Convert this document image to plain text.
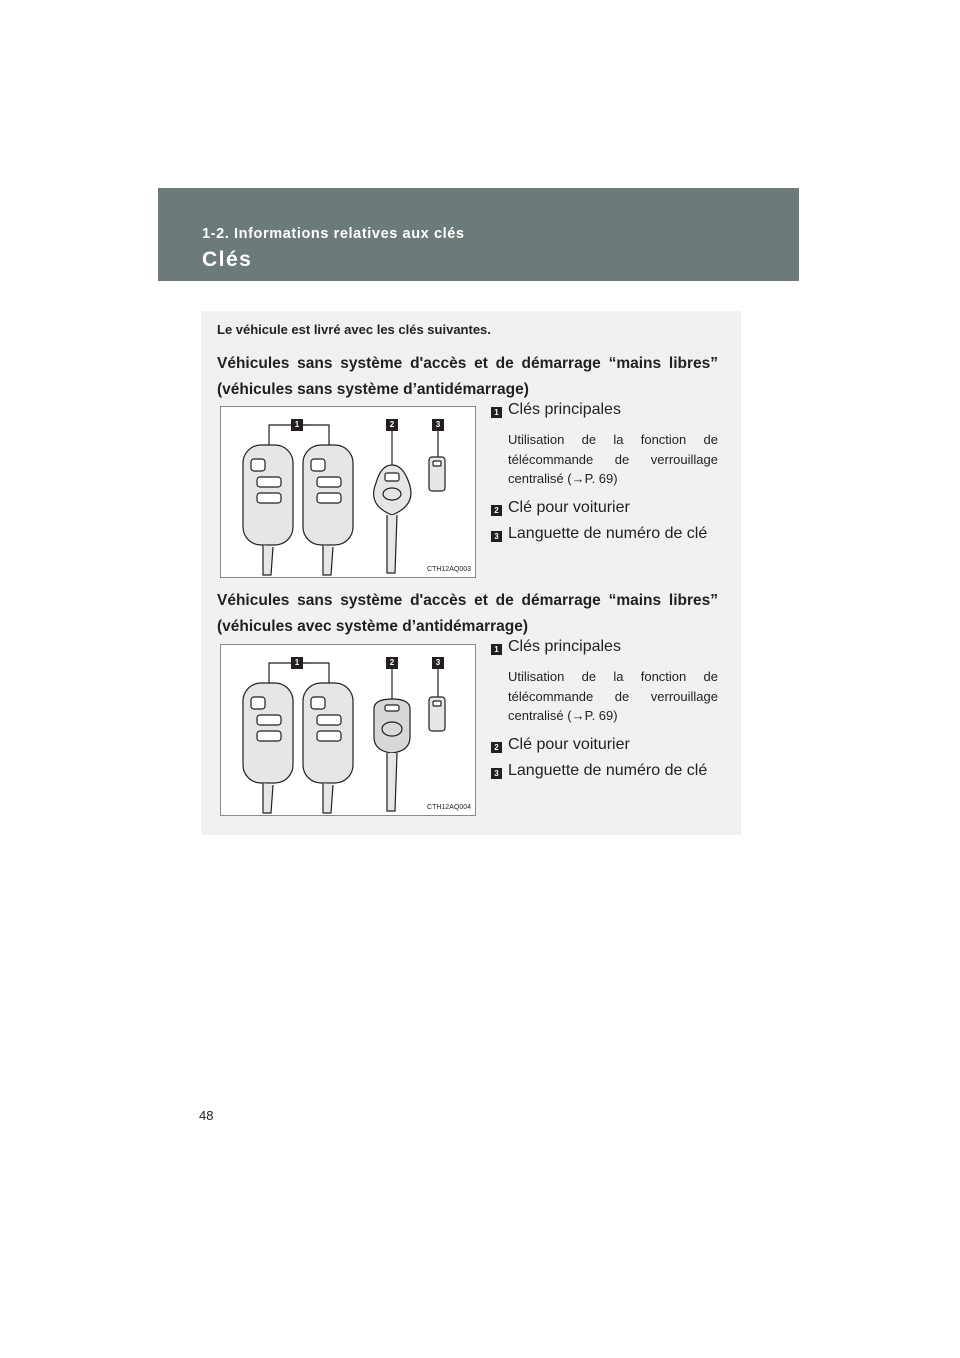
1-2. Informations relatives aux clés
Clés
Le véhicule est livré avec les clés suivantes.
Véhicules sans système d'accès et de démarrage “mains libres” (véhicules sans système d’antidémarrage)
1	2	3
CTH12AQ003
1 Clés principales
Utilisation de la fonction de télécommande de verrouillage centralisé (→P. 69)
2 Clé pour voiturier
3 Languette de numéro de clé
Véhicules sans système d'accès et de démarrage “mains libres” (véhicules avec système d’antidémarrage)
1	2	3
CTH12AQ004
1 Clés principales
Utilisation de la fonction de télécommande de verrouillage centralisé (→P. 69)
2 Clé pour voiturier
3 Languette de numéro de clé
48
